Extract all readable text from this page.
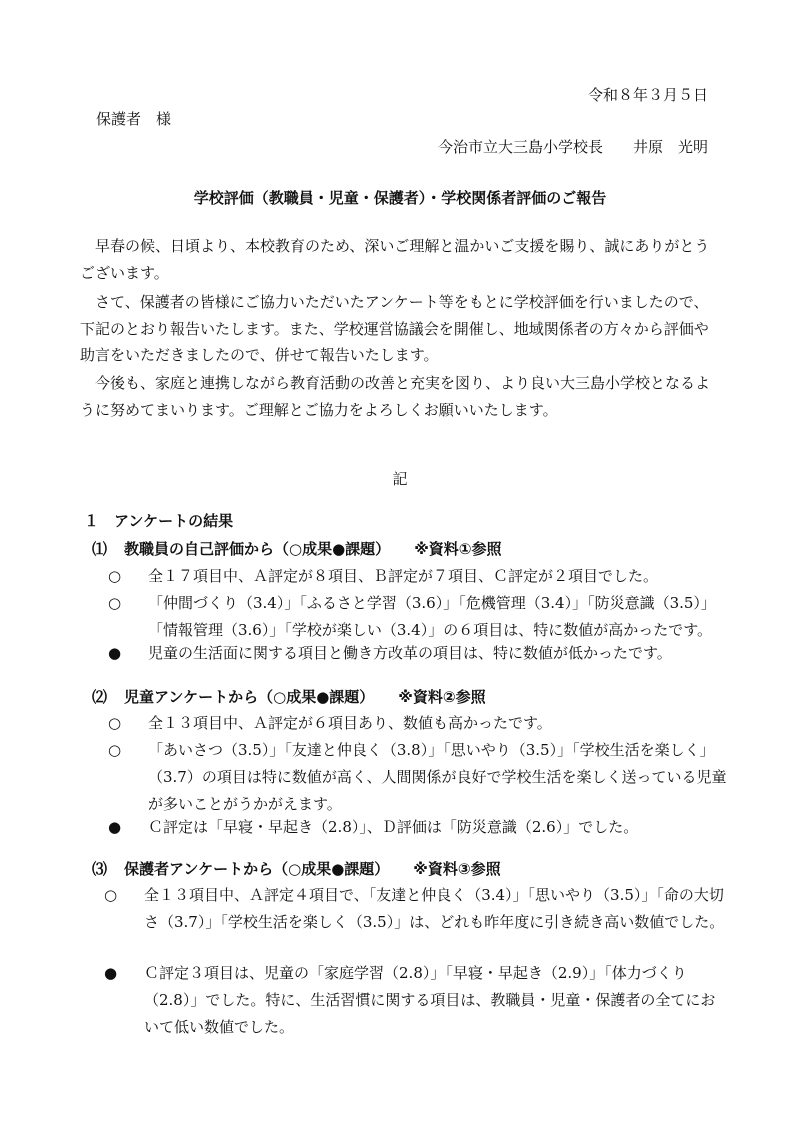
令和８年３月５日
保護者　様
今治市立大三島小学校長　　井原　光明
学校評価（教職員・児童・保護者）・学校関係者評価のご報告

早春の候、日頃より、本校教育のため、深いご理解と温かいご支援を賜り、誠にありがとうございます。

さて、保護者の皆様にご協力いただいたアンケート等をもとに学校評価を行いましたので、下記のとおり報告いたします。また、学校運営協議会を開催し、地域関係者の方々から評価や助言をいただきましたので、併せて報告いたします。

今後も、家庭と連携しながら教育活動の改善と充実を図り、より良い大三島小学校となるように努めてまいります。ご理解とご協力をよろしくお願いいたします。

記
１　アンケートの結果
⑴ 教職員の自己評価から（○成果●課題） ※資料①参照
○	全１７項目中、Ａ評定が８項目、Ｂ評定が７項目、Ｃ評定が２項目でした。
○	「仲間づくり（3.4）」「ふるさと学習（3.6）」「危機管理（3.4）」「防災意識（3.5）」「情報管理（3.6）」「学校が楽しい（3.4）」の６項目は、特に数値が高かったです。
●	児童の生活面に関する項目と働き方改革の項目は、特に数値が低かったです。
⑵ 児童アンケートから（○成果●課題） ※資料②参照
○	全１３項目中、Ａ評定が６項目あり、数値も高かったです。
○	「あいさつ（3.5）」「友達と仲良く（3.8）」「思いやり（3.5）」「学校生活を楽しく」（3.7）の項目は特に数値が高く、人間関係が良好で学校生活を楽しく送っている児童が多いことがうかがえます。
●	Ｃ評定は「早寝・早起き（2.8）」、Ｄ評価は「防災意識（2.6）」でした。
⑶ 保護者アンケートから（○成果●課題） ※資料③参照
○	全１３項目中、Ａ評定４項目で、「友達と仲良く（3.4）」「思いやり（3.5）」「命の大切さ（3.7）」「学校生活を楽しく（3.5）」は、どれも昨年度に引き続き高い数値でした。
●	Ｃ評定３項目は、児童の「家庭学習（2.8）」「早寝・早起き（2.9）」「体力づくり（2.8）」でした。特に、生活習慣に関する項目は、教職員・児童・保護者の全てにおいて低い数値でした。
